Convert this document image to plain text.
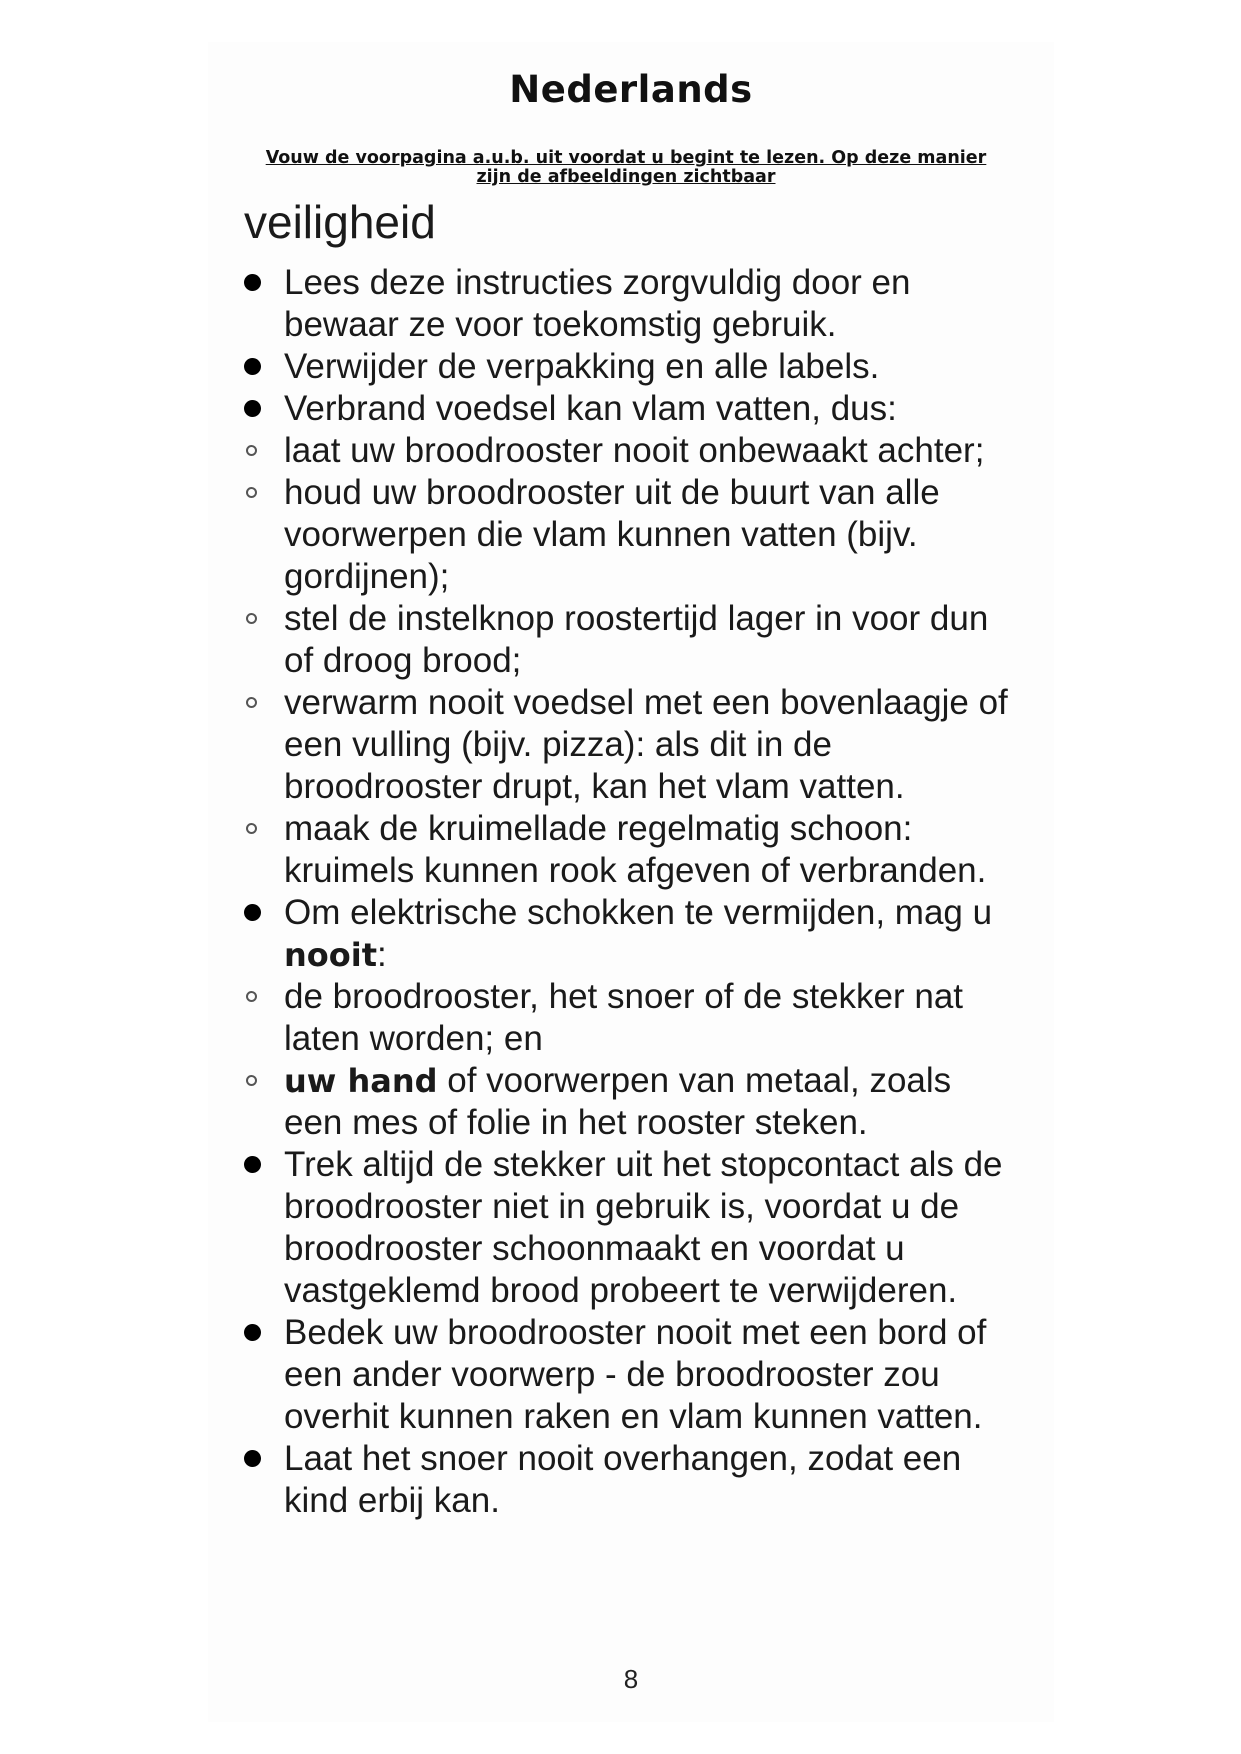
Nederlands
Vouw de voorpagina a.u.b. uit voordat u begint te lezen. Op deze manier
zijn de afbeeldingen zichtbaar
veiligheid
Lees deze instructies zorgvuldig door en bewaar ze voor toekomstig gebruik.
Verwijder de verpakking en alle labels.
Verbrand voedsel kan vlam vatten, dus:
laat uw broodrooster nooit onbewaakt achter;
houd uw broodrooster uit de buurt van alle voorwerpen die vlam kunnen vatten (bijv. gordijnen);
stel de instelknop roostertijd lager in voor dun of droog brood;
verwarm nooit voedsel met een bovenlaagje of een vulling (bijv. pizza): als dit in de broodrooster drupt, kan het vlam vatten.
maak de kruimellade regelmatig schoon: kruimels kunnen rook afgeven of verbranden.
Om elektrische schokken te vermijden, mag u nooit:
de broodrooster, het snoer of de stekker nat laten worden; en
uw hand of voorwerpen van metaal, zoals een mes of folie in het rooster steken.
Trek altijd de stekker uit het stopcontact als de broodrooster niet in gebruik is, voordat u de broodrooster schoonmaakt en voordat u vastgeklemd brood probeert te verwijderen.
Bedek uw broodrooster nooit met een bord of een ander voorwerp - de broodrooster zou overhit kunnen raken en vlam kunnen vatten.
Laat het snoer nooit overhangen, zodat een kind erbij kan.
8
